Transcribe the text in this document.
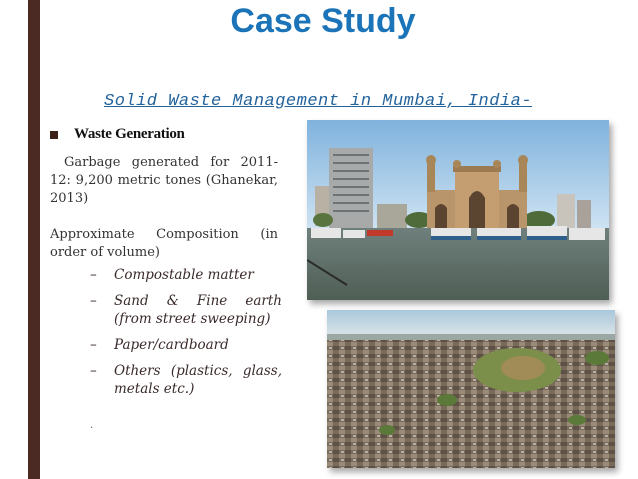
Case Study
Solid Waste Management in Mumbai, India-
Waste Generation
Garbage generated for 2011- 12: 9,200 metric tones (Ghanekar, 2013)
Approximate Composition (in order of volume)
– Compostable matter
– Sand & Fine earth (from street sweeping)
– Paper/cardboard
– Others (plastics, glass, metals etc.)
.
